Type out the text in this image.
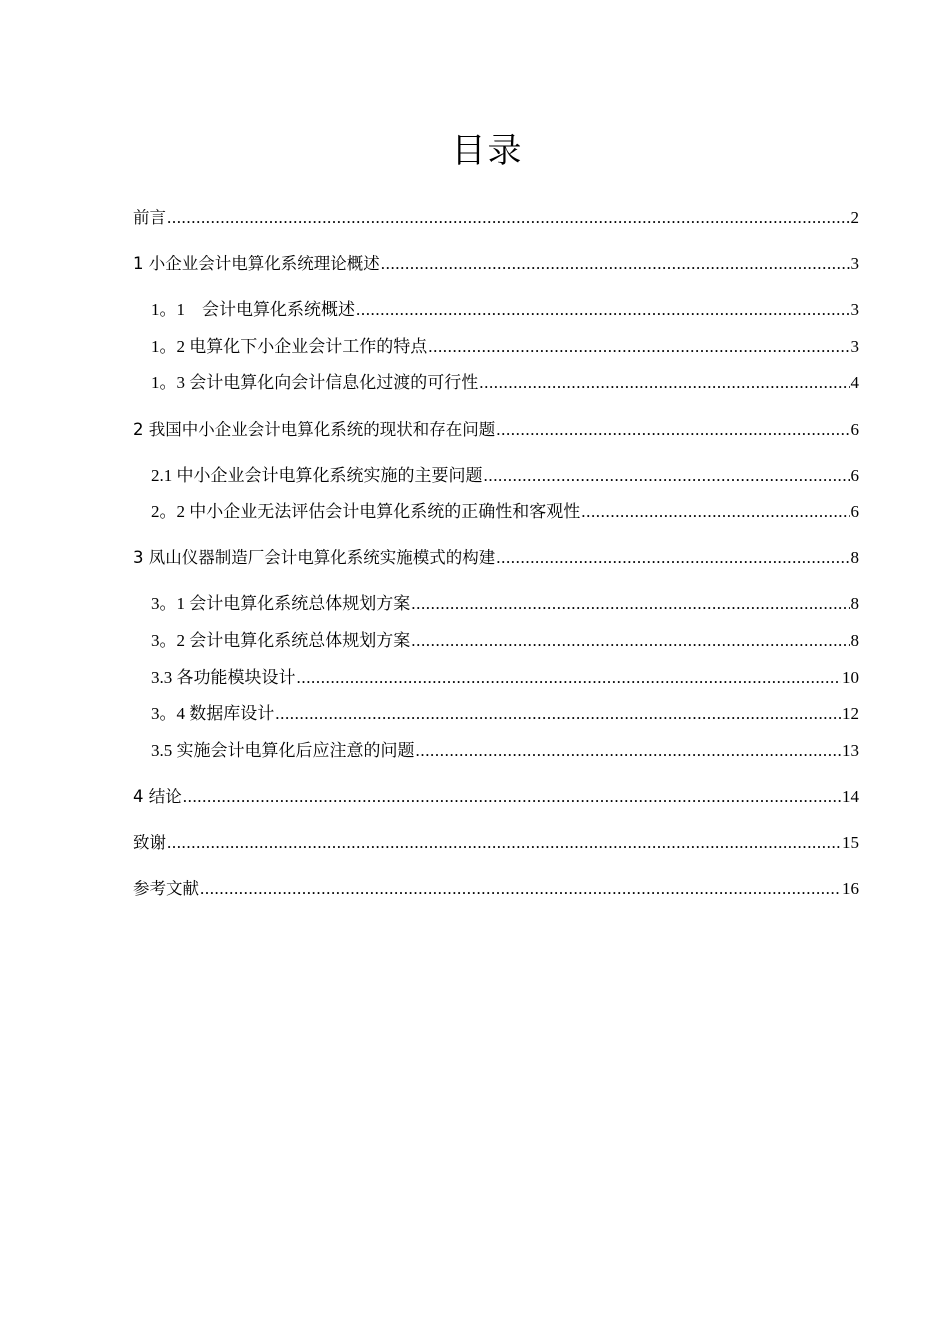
目录
前言 .....	2
1 小企业会计电算化系统理论概述 .....	3
1。1　会计电算化系统概述 .....	3
1。2 电算化下小企业会计工作的特点 .....	3
1。3 会计电算化向会计信息化过渡的可行性 .....	4
2 我国中小企业会计电算化系统的现状和存在问题 .....	6
2.1 中小企业会计电算化系统实施的主要问题 .....	6
2。2 中小企业无法评估会计电算化系统的正确性和客观性 .....	6
3 凤山仪器制造厂会计电算化系统实施模式的构建 .....	8
3。1 会计电算化系统总体规划方案 .....	8
3。2 会计电算化系统总体规划方案 .....	8
3.3 各功能模块设计 .....	10
3。4 数据库设计 .....	12
3.5 实施会计电算化后应注意的问题 .....	13
4 结论 .....	14
致谢 .....	15
参考文献 .....	16
